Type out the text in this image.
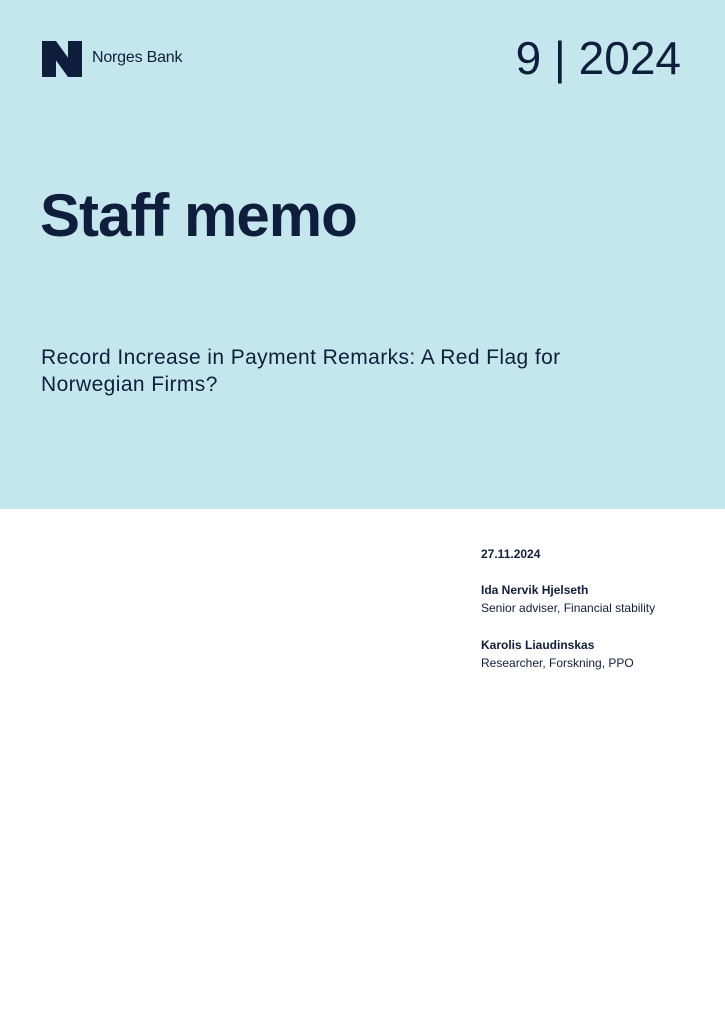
Norges Bank	9 | 2024
Staff memo
Record Increase in Payment Remarks: A Red Flag for Norwegian Firms?
27.11.2024
Ida Nervik Hjelseth
Senior adviser, Financial stability
Karolis Liaudinskas
Researcher, Forskning, PPO
